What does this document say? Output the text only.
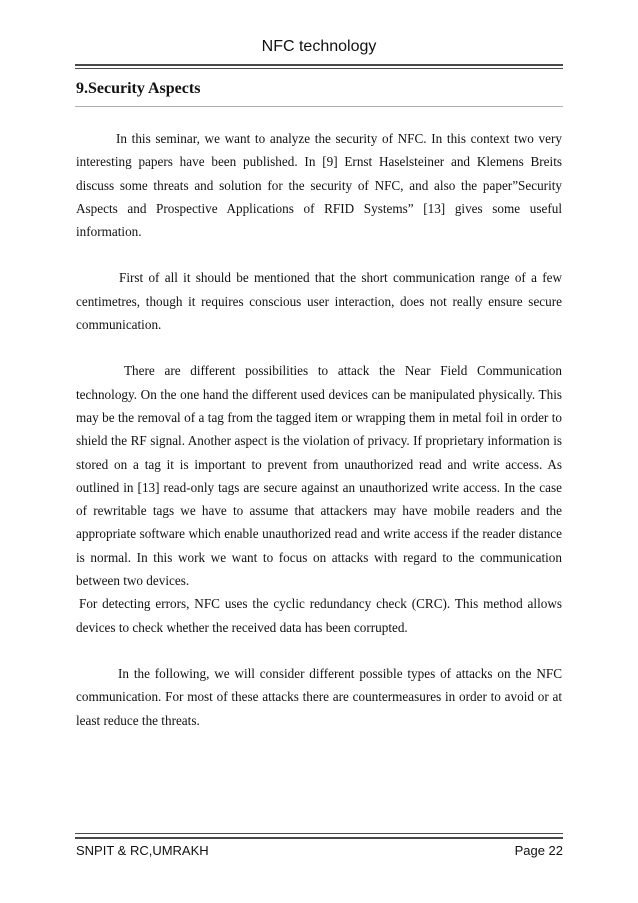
NFC technology
9.Security Aspects

In this seminar, we want to analyze the security of NFC. In this context two very interesting papers have been published. In [9] Ernst Haselsteiner and Klemens Breits discuss some threats and solution for the security of NFC, and also the paper”Security Aspects and Prospective Applications of RFID Systems” [13] gives some useful information.

First of all it should be mentioned that the short communication range of a few centimetres, though it requires conscious user interaction, does not really ensure secure communication.

There are different possibilities to attack the Near Field Communication technology. On the one hand the different used devices can be manipulated physically. This may be the removal of a tag from the tagged item or wrapping them in metal foil in order to shield the RF signal. Another aspect is the violation of privacy. If proprietary information is stored on a tag it is important to prevent from unauthorized read and write access. As outlined in [13] read-only tags are secure against an unauthorized write access. In the case of rewritable tags we have to assume that attackers may have mobile readers and the appropriate software which enable unauthorized read and write access if the reader distance is normal. In this work we want to focus on attacks with regard to the communication between two devices.

For detecting errors, NFC uses the cyclic redundancy check (CRC). This method allows devices to check whether the received data has been corrupted.

In the following, we will consider different possible types of attacks on the NFC communication. For most of these attacks there are countermeasures in order to avoid or at least reduce the threats.

SNPIT & RC,UMRAKH	Page 22
